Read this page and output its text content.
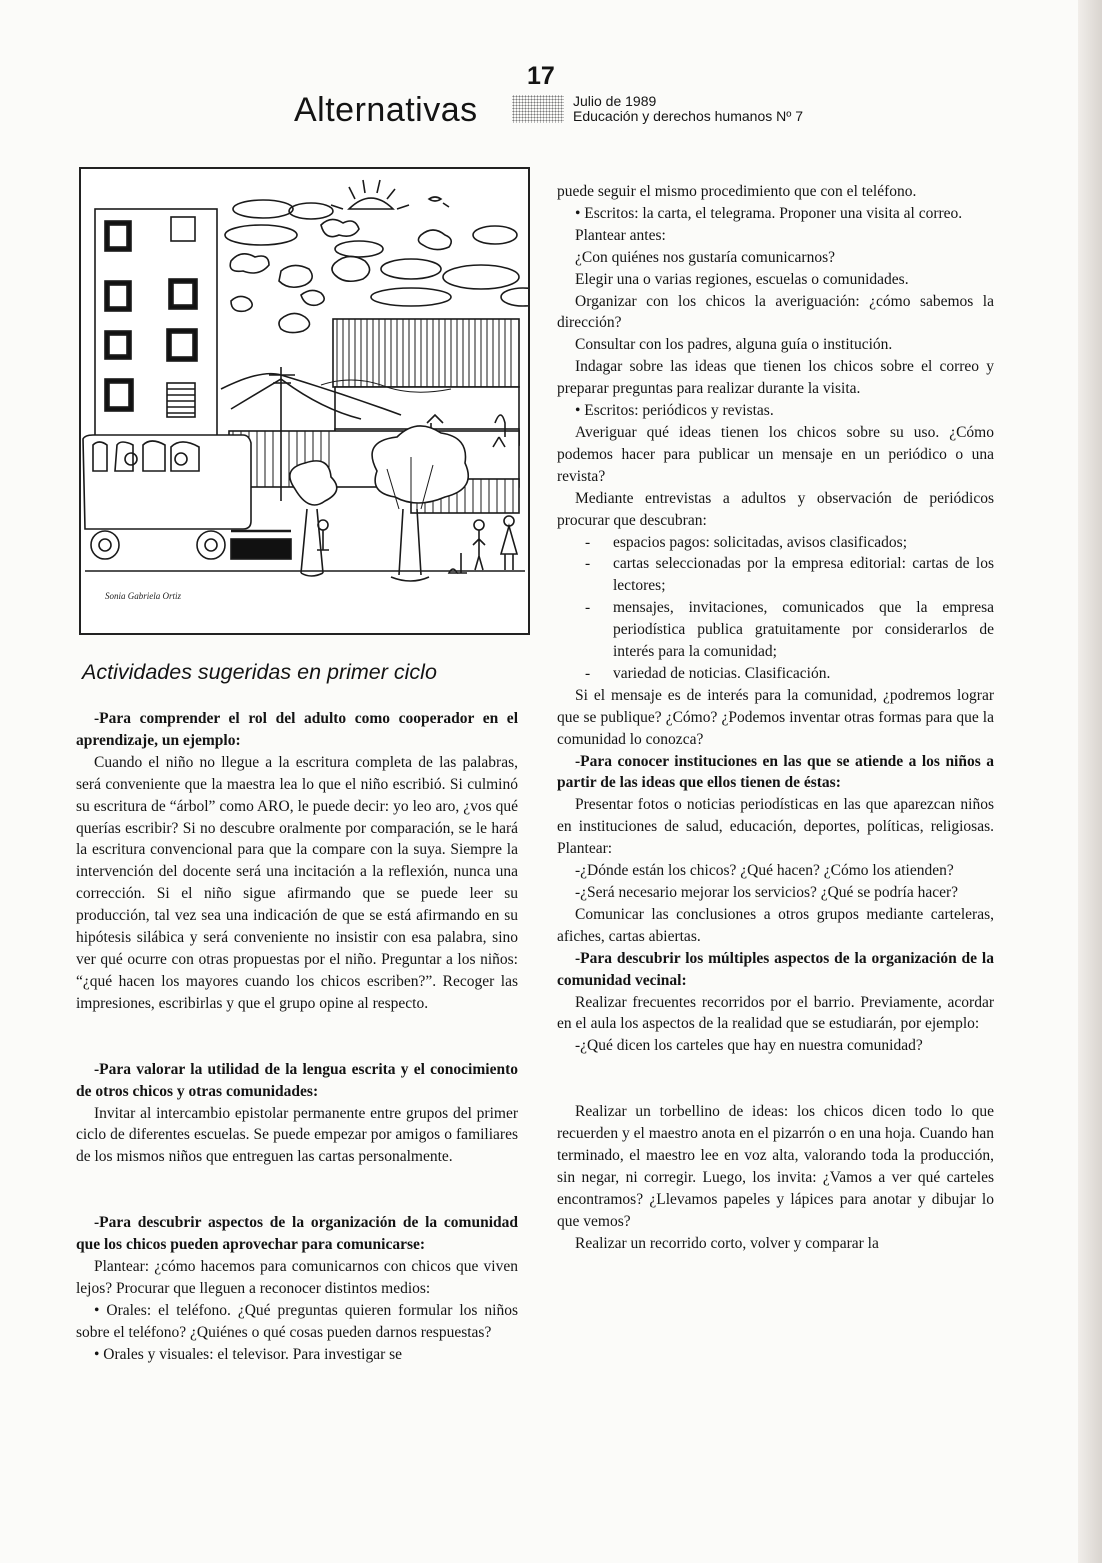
17
Alternativas	Julio de 1989
Educación y derechos humanos Nº 7
Sonia Gabriela Ortiz
Actividades sugeridas en primer ciclo

-Para comprender el rol del adulto como cooperador en el aprendizaje, un ejemplo:

Cuando el niño no llegue a la escritura completa de las palabras, será conveniente que la maestra lea lo que el niño escribió. Si culminó su escritura de “árbol” como ARO, le puede decir: yo leo aro, ¿vos qué querías escribir? Si no descubre oralmente por comparación, se le hará la escritura convencional para que la compare con la suya. Siempre la intervención del docente será una incitación a la reflexión, nunca una corrección. Si el niño sigue afirmando que se puede leer su producción, tal vez sea una indicación de que se está afirmando en su hipótesis silábica y será conveniente no insistir con esa palabra, sino ver qué ocurre con otras propuestas por el niño. Preguntar a los niños: “¿qué hacen los mayores cuando los chicos escriben?”. Recoger las impresiones, escribirlas y que el grupo opine al respecto.

-Para valorar la utilidad de la lengua escrita y el conocimiento de otros chicos y otras comunidades:

Invitar al intercambio epistolar permanente entre grupos del primer ciclo de diferentes escuelas. Se puede empezar por amigos o familiares de los mismos niños que entreguen las cartas personalmente.

-Para descubrir aspectos de la organización de la comunidad que los chicos pueden aprovechar para comunicarse:

Plantear: ¿cómo hacemos para comunicarnos con chicos que viven lejos? Procurar que lleguen a reconocer distintos medios:

• Orales: el teléfono. ¿Qué preguntas quieren formular los niños sobre el teléfono? ¿Quiénes o qué cosas pueden darnos respuestas?

• Orales y visuales: el televisor. Para investigar se

puede seguir el mismo procedimiento que con el teléfono.

• Escritos: la carta, el telegrama. Proponer una visita al correo.

Plantear antes:

¿Con quiénes nos gustaría comunicarnos?

Elegir una o varias regiones, escuelas o comunidades.

Organizar con los chicos la averiguación: ¿cómo sabemos la dirección?

Consultar con los padres, alguna guía o institución.

Indagar sobre las ideas que tienen los chicos sobre el correo y preparar preguntas para realizar durante la visita.

• Escritos: periódicos y revistas.

Averiguar qué ideas tienen los chicos sobre su uso. ¿Cómo podemos hacer para publicar un mensaje en un periódico o una revista?

Mediante entrevistas a adultos y observación de periódicos procurar que descubran:

- espacios pagos: solicitadas, avisos clasificados;
- cartas seleccionadas por la empresa editorial: cartas de los lectores;
- mensajes, invitaciones, comunicados que la empresa periodística publica gratuitamente por considerarlos de interés para la comunidad;
- variedad de noticias. Clasificación.

Si el mensaje es de interés para la comunidad, ¿podremos lograr que se publique? ¿Cómo? ¿Podemos inventar otras formas para que la comunidad lo conozca?

-Para conocer instituciones en las que se atiende a los niños a partir de las ideas que ellos tienen de éstas:

Presentar fotos o noticias periodísticas en las que aparezcan niños en instituciones de salud, educación, deportes, políticas, religiosas. Plantear:

-¿Dónde están los chicos? ¿Qué hacen? ¿Cómo los atienden?

-¿Será necesario mejorar los servicios? ¿Qué se podría hacer?

Comunicar las conclusiones a otros grupos mediante carteleras, afiches, cartas abiertas.

-Para descubrir los múltiples aspectos de la organización de la comunidad vecinal:

Realizar frecuentes recorridos por el barrio. Previamente, acordar en el aula los aspectos de la realidad que se estudiarán, por ejemplo:

-¿Qué dicen los carteles que hay en nuestra comunidad?

Realizar un torbellino de ideas: los chicos dicen todo lo que recuerden y el maestro anota en el pizarrón o en una hoja. Cuando han terminado, el maestro lee en voz alta, valorando toda la producción, sin negar, ni corregir. Luego, los invita: ¿Vamos a ver qué carteles encontramos? ¿Llevamos papeles y lápices para anotar y dibujar lo que vemos?

Realizar un recorrido corto, volver y comparar la
